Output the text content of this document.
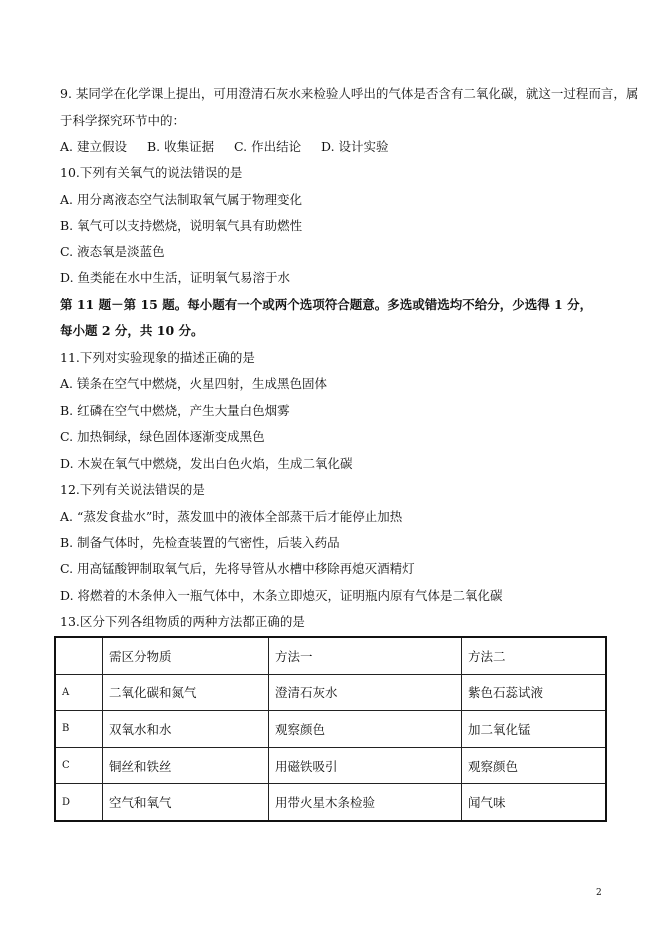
9. 某同学在化学课上提出，可用澄清石灰水来检验人呼出的气体是否含有二氧化碳，就这一过程而言，属
于科学探究环节中的：
A. 建立假设 B. 收集证据 C. 作出结论 D. 设计实验
10.下列有关氧气的说法错误的是
A. 用分离液态空气法制取氧气属于物理变化
B. 氧气可以支持燃烧，说明氧气具有助燃性
C. 液态氧是淡蓝色
D. 鱼类能在水中生活，证明氧气易溶于水
第 11 题－第 15 题。每小题有一个或两个选项符合题意。多选或错选均不给分，少选得 1 分，
每小题 2 分，共 10 分。
11.下列对实验现象的描述正确的是
A. 镁条在空气中燃烧，火星四射，生成黑色固体
B. 红磷在空气中燃烧，产生大量白色烟雾
C. 加热铜绿，绿色固体逐渐变成黑色
D. 木炭在氧气中燃烧，发出白色火焰，生成二氧化碳
12.下列有关说法错误的是
A. “蒸发食盐水”时，蒸发皿中的液体全部蒸干后才能停止加热
B. 制备气体时，先检查装置的气密性，后装入药品
C. 用高锰酸钾制取氧气后，先将导管从水槽中移除再熄灭酒精灯
D. 将燃着的木条伸入一瓶气体中，木条立即熄灭，证明瓶内原有气体是二氧化碳
13.区分下列各组物质的两种方法都正确的是
	需区分物质	方法一	方法二
A	二氧化碳和氮气	澄清石灰水	紫色石蕊试液
B	双氧水和水	观察颜色	加二氧化锰
C	铜丝和铁丝	用磁铁吸引	观察颜色
D	空气和氧气	用带火星木条检验	闻气味
2
